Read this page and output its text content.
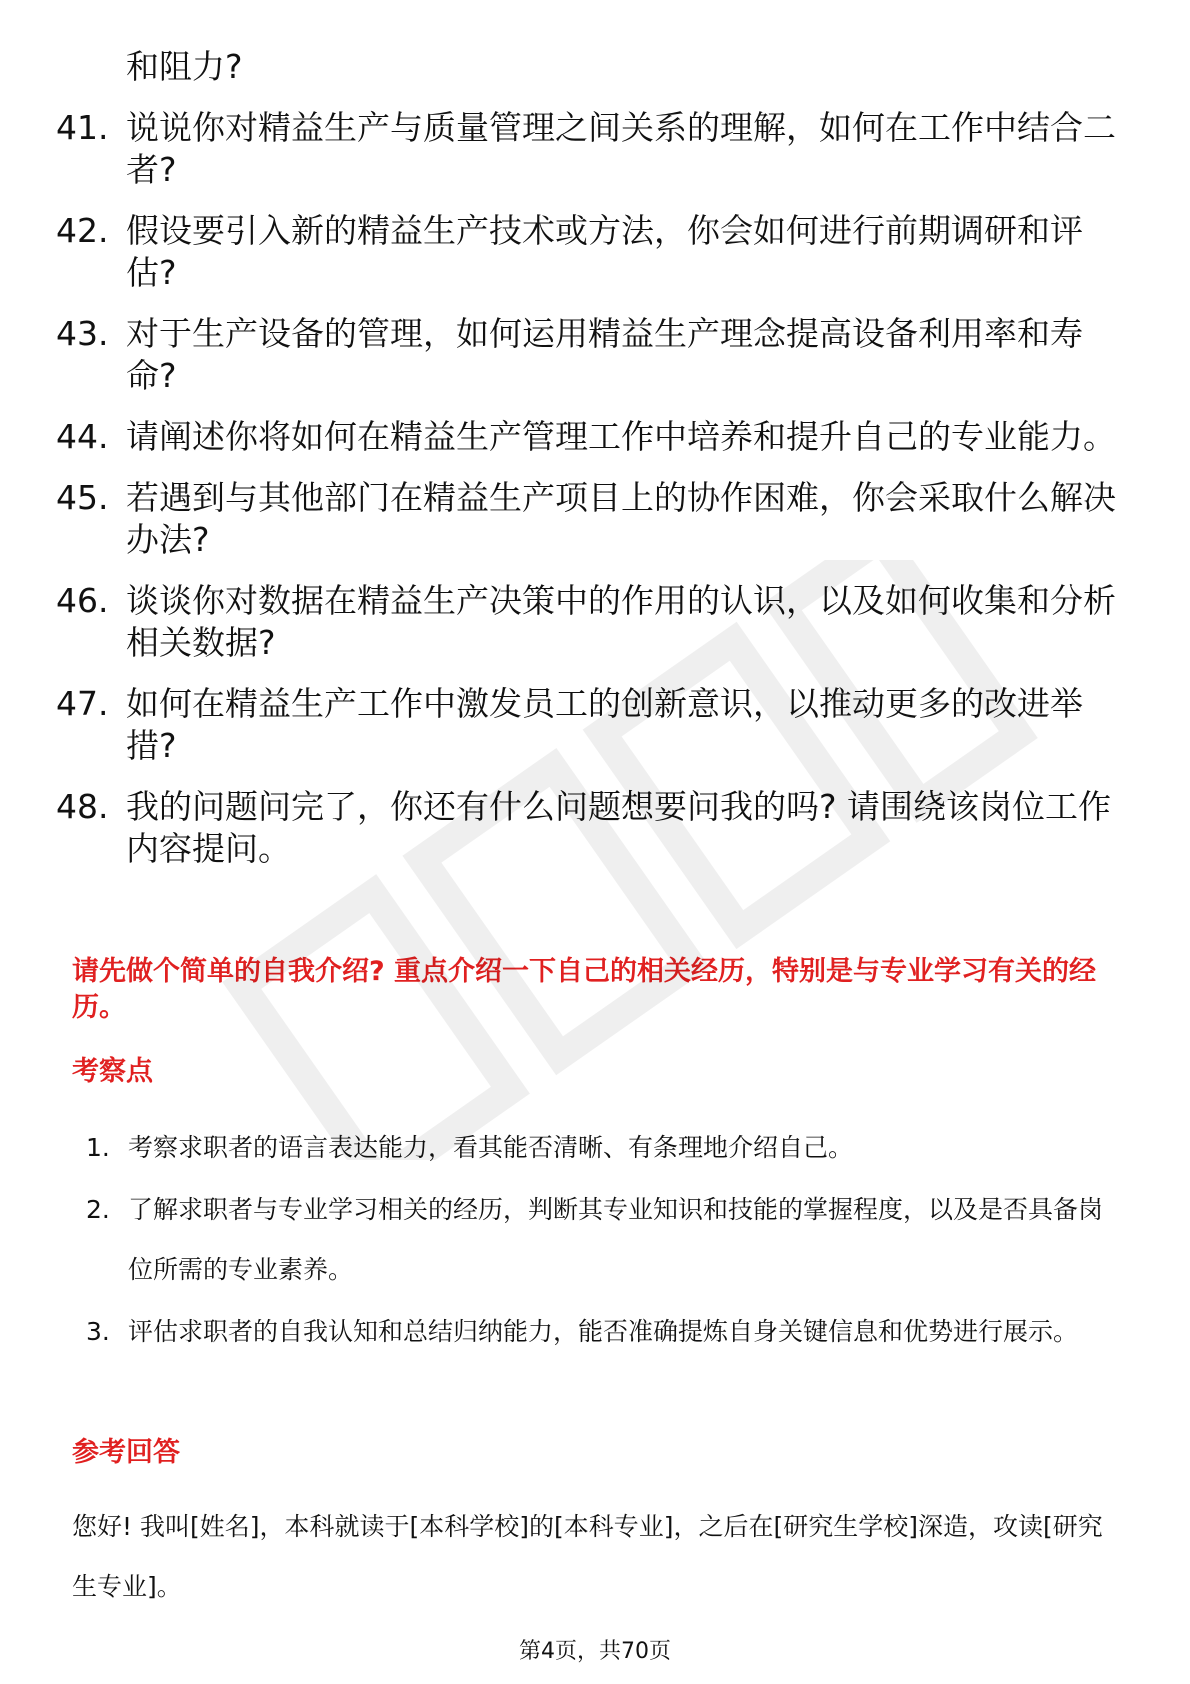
和阻力?
41. 说说你对精益生产与质量管理之间关系的理解，如何在工作中结合二者?
42. 假设要引入新的精益生产技术或方法，你会如何进行前期调研和评估?
43. 对于生产设备的管理，如何运用精益生产理念提高设备利用率和寿命?
44. 请阐述你将如何在精益生产管理工作中培养和提升自己的专业能力。
45. 若遇到与其他部门在精益生产项目上的协作困难，你会采取什么解决办法?
46. 谈谈你对数据在精益生产决策中的作用的认识，以及如何收集和分析相关数据?
47. 如何在精益生产工作中激发员工的创新意识，以推动更多的改进举措?
48. 我的问题问完了，你还有什么问题想要问我的吗? 请围绕该岗位工作内容提问。
请先做个简单的自我介绍? 重点介绍一下自己的相关经历，特别是与专业学习有关的经历。
考察点
1. 考察求职者的语言表达能力，看其能否清晰、有条理地介绍自己。
2. 了解求职者与专业学习相关的经历，判断其专业知识和技能的掌握程度，以及是否具备岗位所需的专业素养。
3. 评估求职者的自我认知和总结归纳能力，能否准确提炼自身关键信息和优势进行展示。
参考回答
您好! 我叫[姓名]，本科就读于[本科学校]的[本科专业]，之后在[研究生学校]深造，攻读[研究生专业]。
第4页，共70页
